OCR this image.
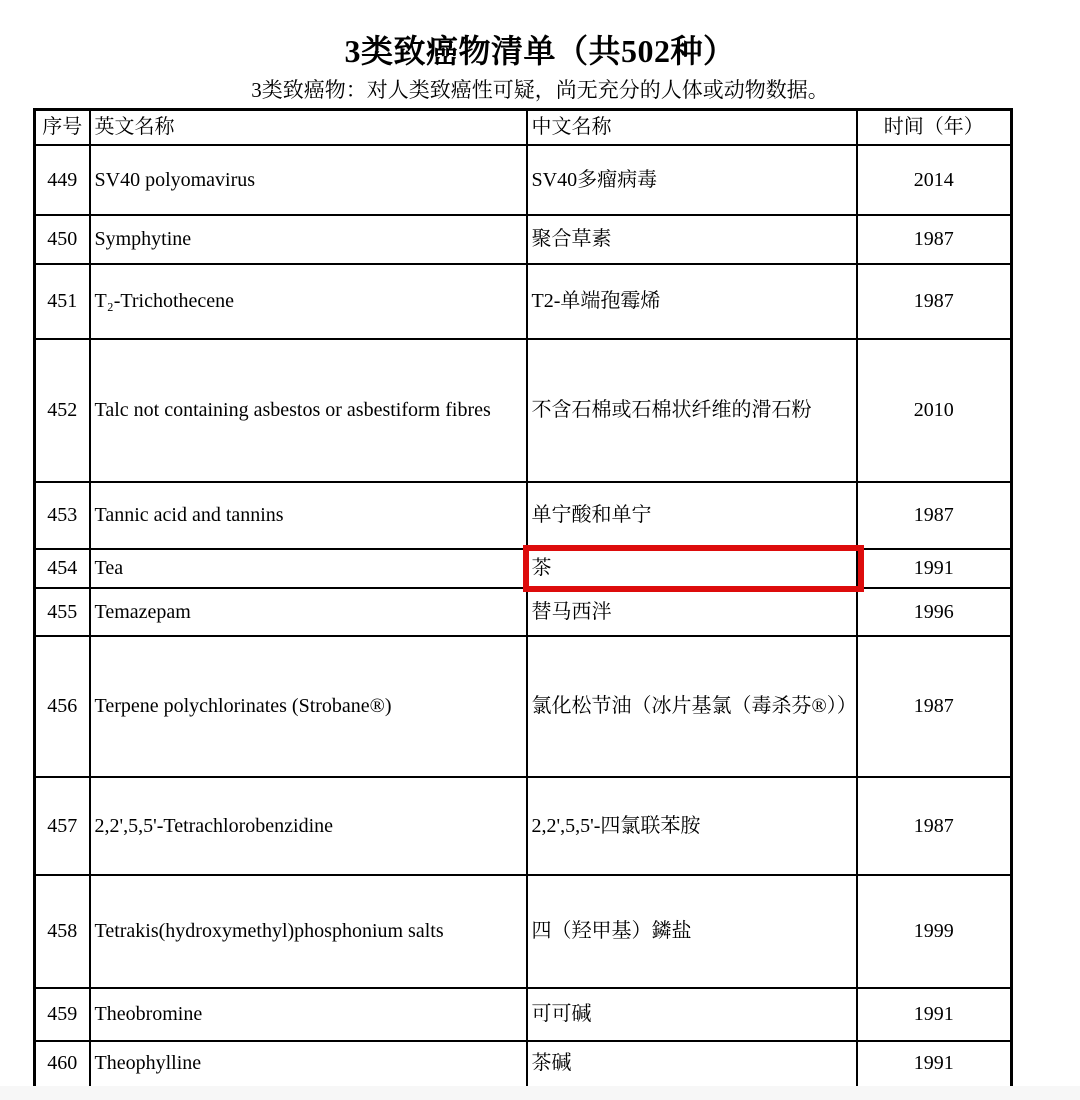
3类致癌物清单（共502种）
3类致癌物：对人类致癌性可疑，尚无充分的人体或动物数据。
序号	英文名称	中文名称	时间（年）
449	SV40 polyomavirus	SV40多瘤病毒	2014
450	Symphytine	聚合草素	1987
451	T₂-Trichothecene	T2-单端孢霉烯	1987
452	Talc not containing asbestos or asbestiform fibres	不含石棉或石棉状纤维的滑石粉	2010
453	Tannic acid and tannins	单宁酸和单宁	1987
454	Tea	茶	1991
455	Temazepam	替马西泮	1996
456	Terpene polychlorinates (Strobane®)	氯化松节油（冰片基氯（毒杀芬®））	1987
457	2,2',5,5'-Tetrachlorobenzidine	2,2',5,5'-四氯联苯胺	1987
458	Tetrakis(hydroxymethyl)phosphonium salts	四（羟甲基）鏻盐	1999
459	Theobromine	可可碱	1991
460	Theophylline	茶碱	1991
